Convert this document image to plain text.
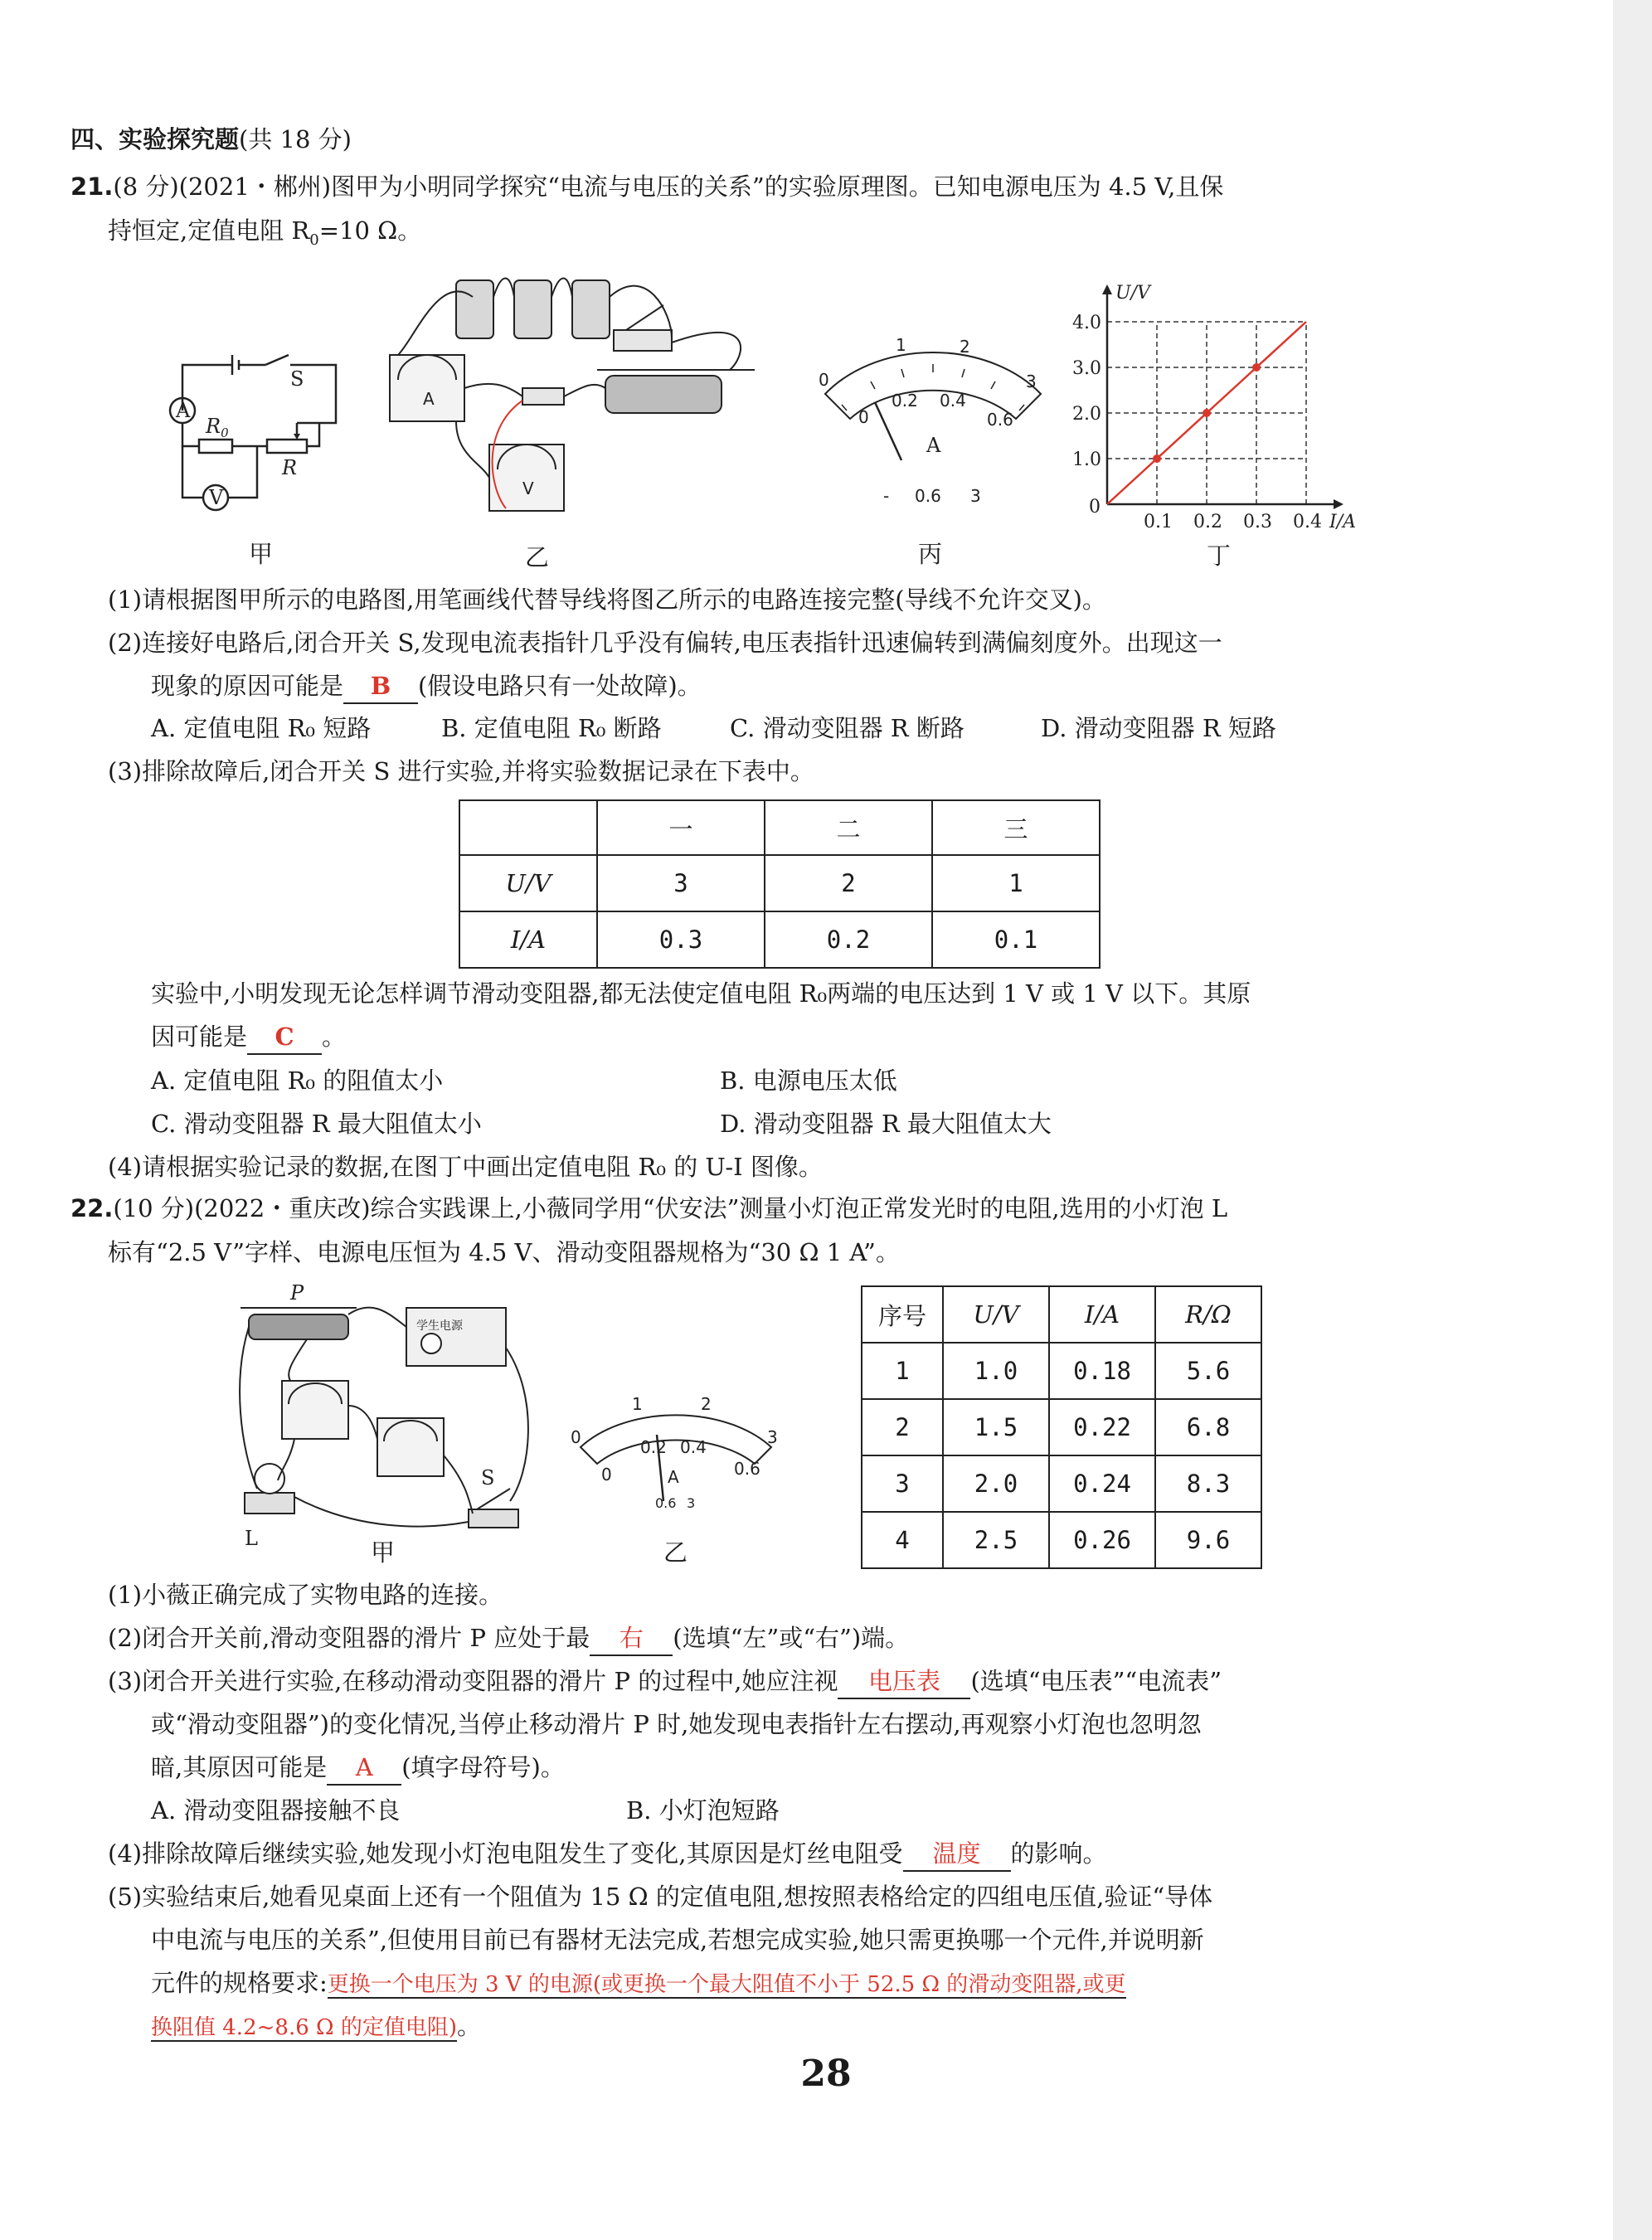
四、实验探究题(共 18 分)
21.(8 分)(2021・郴州)图甲为小明同学探究“电流与电压的关系”的实验原理图。已知电源电压为 4.5 V,且保
持恒定,定值电阻 $R_0=10$ Ω。
A
V
S
$R_0$
R
甲
A
V
乙
0
1	2
3
0
0.2 0.4
0.6
A
- 0.6 3
丙
0.1 0.2 0.3 0.4
1.0
2.0
3.0
4.0
0
I/A
U/V
丁
(1)请根据图甲所示的电路图,用笔画线代替导线将图乙所示的电路连接完整(导线不允许交叉)。
(2)连接好电路后,闭合开关 S,发现电流表指针几乎没有偏转,电压表指针迅速偏转到满偏刻度外。出现这一
现象的原因可能是 B (假设电路只有一处故障)。
A. 定值电阻 R₀ 短路	B. 定值电阻 R₀ 断路	C. 滑动变阻器 R 断路	D. 滑动变阻器 R 短路
(3)排除故障后,闭合开关 S 进行实验,并将实验数据记录在下表中。
	一	二	三
U/V	3	2	1
I/A	0.3	0.2	0.1
实验中,小明发现无论怎样调节滑动变阻器,都无法使定值电阻 R₀两端的电压达到 1 V 或 1 V 以下。其原
因可能是 C 。
A. 定值电阻 R₀ 的阻值太小	B. 电源电压太低
C. 滑动变阻器 R 最大阻值太小	D. 滑动变阻器 R 最大阻值太大
(4)请根据实验记录的数据,在图丁中画出定值电阻 R₀ 的 U-I 图像。
22.(10 分)(2022・重庆改)综合实践课上,小薇同学用“伏安法”测量小灯泡正常发光时的电阻,选用的小灯泡 L
标有“2.5 V”字样、电源电压恒为 4.5 V、滑动变阻器规格为“30 Ω 1 A”。
P
L
S
学生电源
甲
0
1	2
3
0
0.2 0.4
0.6
A
0.6 3
乙
序号	U/V	I/A	R/Ω
1	1.0	0.18	5.6
2	1.5	0.22	6.8
3	2.0	0.24	8.3
4	2.5	0.26	9.6
(1)小薇正确完成了实物电路的连接。
(2)闭合开关前,滑动变阻器的滑片 P 应处于最 右 (选填“左”或“右”)端。
(3)闭合开关进行实验,在移动滑动变阻器的滑片 P 的过程中,她应注视 电压表 (选填“电压表”“电流表”
或“滑动变阻器”)的变化情况,当停止移动滑片 P 时,她发现电表指针左右摆动,再观察小灯泡也忽明忽
暗,其原因可能是 A (填字母符号)。
A. 滑动变阻器接触不良	B. 小灯泡短路
(4)排除故障后继续实验,她发现小灯泡电阻发生了变化,其原因是灯丝电阻受 温度 的影响。
(5)实验结束后,她看见桌面上还有一个阻值为 15 Ω 的定值电阻,想按照表格给定的四组电压值,验证“导体
中电流与电压的关系”,但使用目前已有器材无法完成,若想完成实验,她只需更换哪一个元件,并说明新
元件的规格要求:更换一个电压为 3 V 的电源(或更换一个最大阻值不小于 52.5 Ω 的滑动变阻器,或更
换阻值 4.2~8.6 Ω 的定值电阻)。
28
